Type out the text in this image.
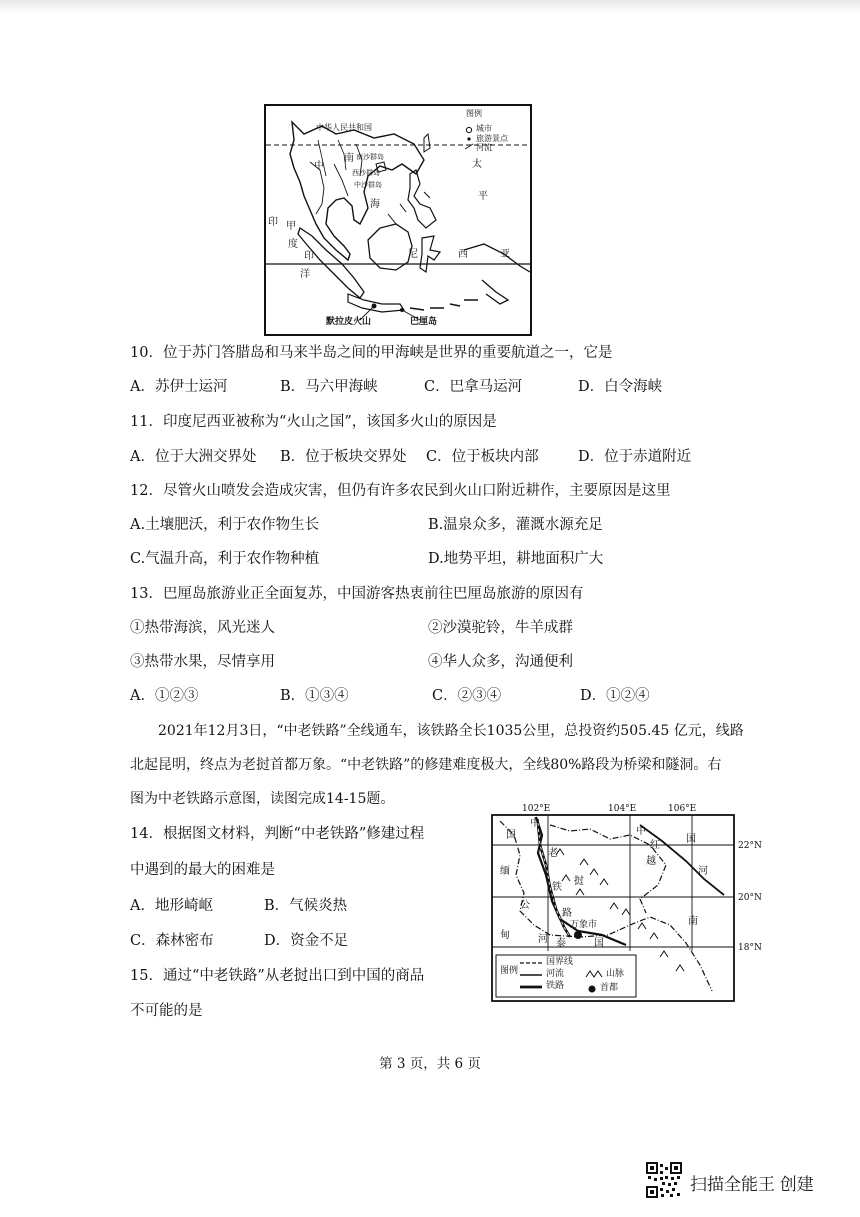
中华人民共和国
图例
城市
旅游景点
河流
太
平
印 甲
度
印
洋
尼	西	亚
南沙群岛
西沙群岛
中沙群岛
南
海
中
默拉皮火山	巴厘岛
10．位于苏门答腊岛和马来半岛之间的甲海峡是世界的重要航道之一，它是
A．苏伊士运河	B．马六甲海峡	C．巴拿马运河	D．白令海峡
11．印度尼西亚被称为“火山之国”，该国多火山的原因是
A．位于大洲交界处 B．位于板块交界处 C．位于板块内部	D．位于赤道附近
12．尽管火山喷发会造成灾害，但仍有许多农民到火山口附近耕作，主要原因是这里
A.土壤肥沃，利于农作物生长	B.温泉众多，灌溉水源充足
C.气温升高，利于农作物种植	D.地势平坦，耕地面积广大
13．巴厘岛旅游业正全面复苏，中国游客热衷前往巴厘岛旅游的原因有
①热带海滨，风光迷人	②沙漠驼铃，牛羊成群
③热带水果，尽情享用	④华人众多，沟通便利
A．①②③	B．①③④	C．②③④	D．①②④
2021年12月3日，“中老铁路”全线通车，该铁路全长1035公里，总投资约505.45 亿元，线路
北起昆明，终点为老挝首都万象。“中老铁路”的修建难度极大，全线80%路段为桥梁和隧洞。右
图为中老铁路示意图，读图完成14-15题。
14．根据图文材料，判断“中老铁路”修建过程
中遇到的最大的困难是
A．地形崎岖	B．气候炎热
C．森林密布	D．资金不足
15．通过“中老铁路”从老挝出口到中国的商品
不可能的是
102°E	104°E	106°E
22°N
20°N
18°N
中
国	中
国
缅
甸
老
铁
挝
路
越
南
红
河
公
河 泰	国
万象市
图例
国界线
河流	山脉
铁路	首都
第 3 页，共 6 页
扫描全能王 创建
